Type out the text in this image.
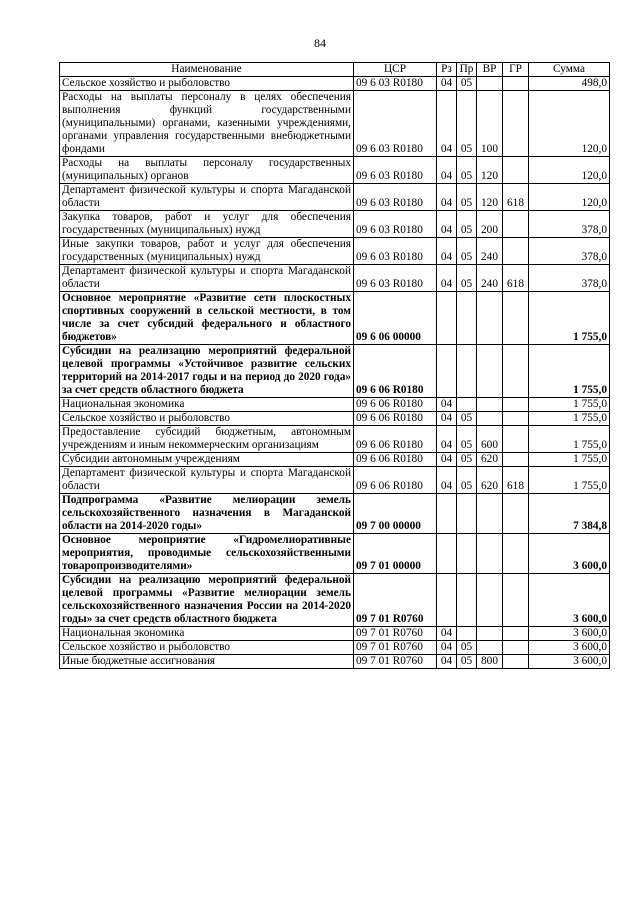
84
Наименование	ЦСР	Рз	Пр	ВР	ГР	Сумма
Сельское хозяйство и рыболовство	09 6 03 R0180	04	05			498,0
Расходы на выплаты персоналу в целях обеспечения выполнения функций государственными (муниципальными) органами, казенными учреждениями, органами управления государственными внебюджетными фондами	09 6 03 R0180	04	05	100		120,0
Расходы на выплаты персоналу государственных (муниципальных) органов	09 6 03 R0180	04	05	120		120,0
Департамент физической культуры и спорта Магаданской области	09 6 03 R0180	04	05	120	618	120,0
Закупка товаров, работ и услуг для обеспечения государственных (муниципальных) нужд	09 6 03 R0180	04	05	200		378,0
Иные закупки товаров, работ и услуг для обеспечения государственных (муниципальных) нужд	09 6 03 R0180	04	05	240		378,0
Департамент физической культуры и спорта Магаданской области	09 6 03 R0180	04	05	240	618	378,0
Основное мероприятие «Развитие сети плоскостных спортивных сооружений в сельской местности, в том числе за счет субсидий федерального и областного бюджетов»	09 6 06 00000					1 755,0
Субсидии на реализацию мероприятий федеральной целевой программы «Устойчивое развитие сельских территорий на 2014-2017 годы и на период до 2020 года» за счет средств областного бюджета	09 6 06 R0180					1 755,0
Национальная экономика	09 6 06 R0180	04				1 755,0
Сельское хозяйство и рыболовство	09 6 06 R0180	04	05			1 755,0
Предоставление субсидий бюджетным, автономным учреждениям и иным некоммерческим организациям	09 6 06 R0180	04	05	600		1 755,0
Субсидии автономным учреждениям	09 6 06 R0180	04	05	620		1 755,0
Департамент физической культуры и спорта Магаданской области	09 6 06 R0180	04	05	620	618	1 755,0
Подпрограмма «Развитие мелиорации земель сельскохозяйственного назначения в Магаданской области на 2014-2020 годы»	09 7 00 00000					7 384,8
Основное мероприятие «Гидромелиоративные мероприятия, проводимые сельскохозяйственными товаропроизводителями»	09 7 01 00000					3 600,0
Субсидии на реализацию мероприятий федеральной целевой программы «Развитие мелиорации земель сельскохозяйственного назначения России на 2014-2020 годы» за счет средств областного бюджета	09 7 01 R0760					3 600,0
Национальная экономика	09 7 01 R0760	04				3 600,0
Сельское хозяйство и рыболовство	09 7 01 R0760	04	05			3 600,0
Иные бюджетные ассигнования	09 7 01 R0760	04	05	800		3 600,0
